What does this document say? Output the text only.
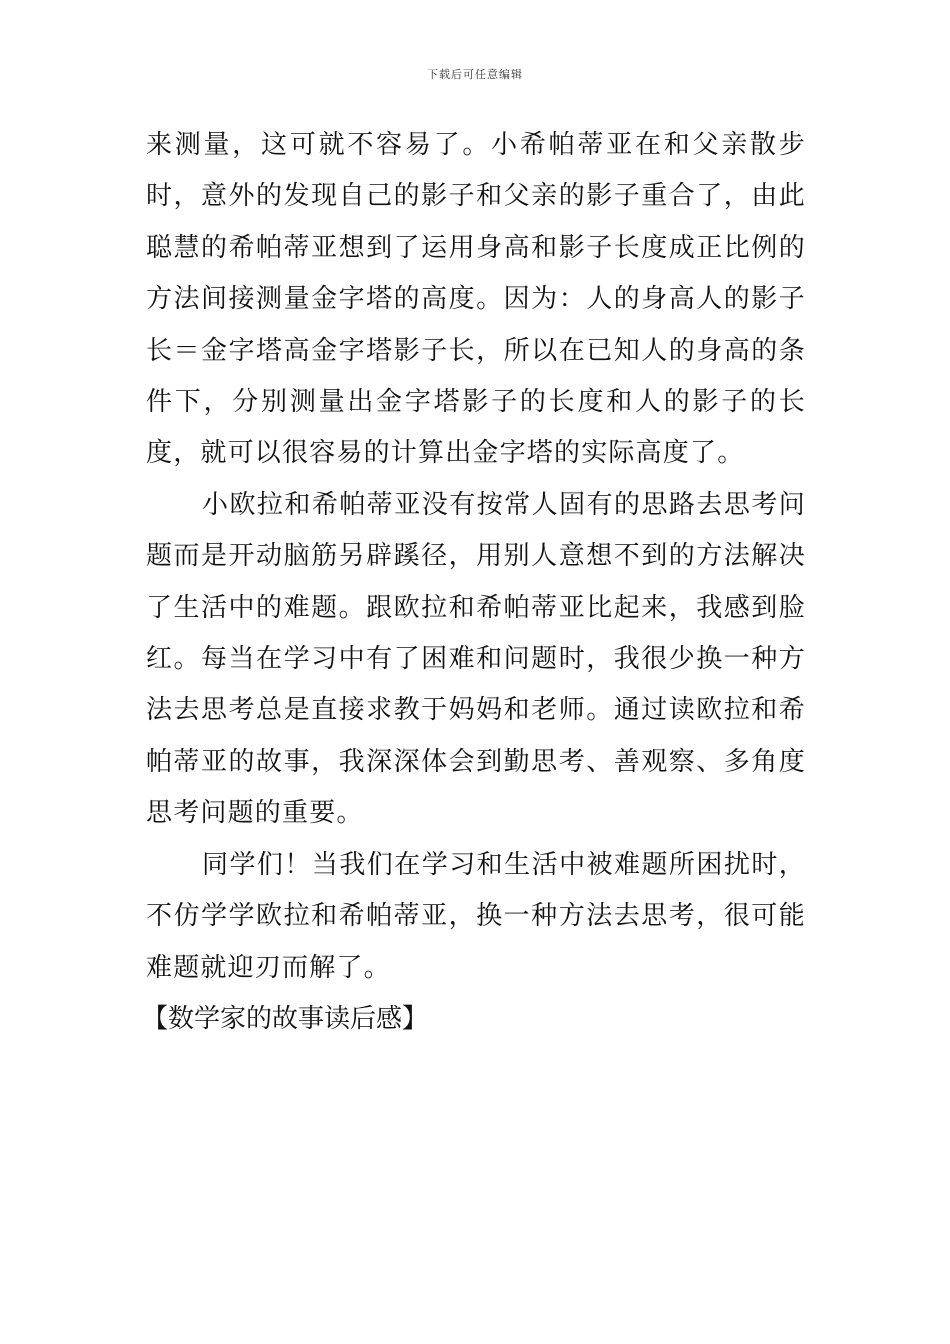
下载后可任意编辑

来测量，这可就不容易了。小希帕蒂亚在和父亲散步时，意外的发现自己的影子和父亲的影子重合了，由此聪慧的希帕蒂亚想到了运用身高和影子长度成正比例的方法间接测量金字塔的高度。因为：人的身高人的影子长＝金字塔高金字塔影子长，所以在已知人的身高的条件下，分别测量出金字塔影子的长度和人的影子的长度，就可以很容易的计算出金字塔的实际高度了。

小欧拉和希帕蒂亚没有按常人固有的思路去思考问题而是开动脑筋另辟蹊径，用别人意想不到的方法解决了生活中的难题。跟欧拉和希帕蒂亚比起来，我感到脸红。每当在学习中有了困难和问题时，我很少换一种方法去思考总是直接求教于妈妈和老师。通过读欧拉和希帕蒂亚的故事，我深深体会到勤思考、善观察、多角度思考问题的重要。

同学们！当我们在学习和生活中被难题所困扰时，不仿学学欧拉和希帕蒂亚，换一种方法去思考，很可能难题就迎刃而解了。

【数学家的故事读后感】
